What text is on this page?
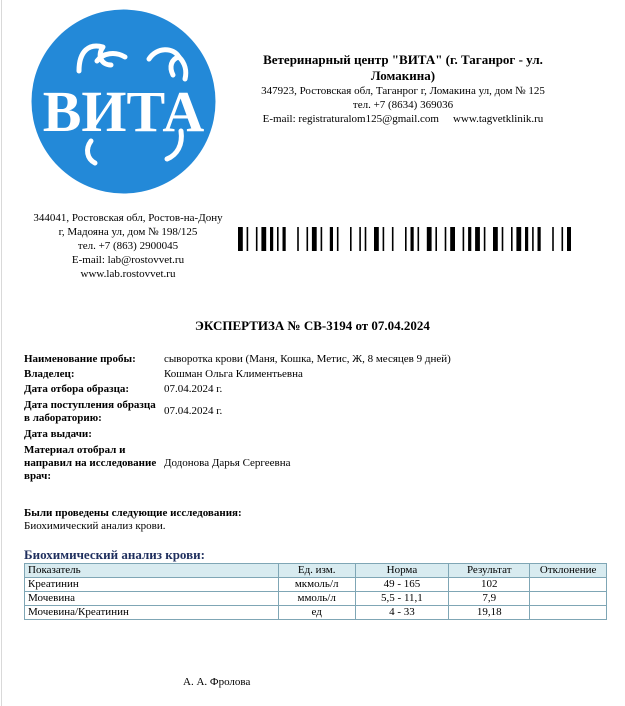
ВИТА
Ветеринарный центр "ВИТА" (г. Таганрог - ул. Ломакина)
347923, Ростовская обл, Таганрог г, Ломакина ул, дом № 125
тел. +7 (8634) 369036
E-mail: registraturalom125@gmail.com www.tagvetklinik.ru
344041, Ростовская обл, Ростов-на-Дону
г, Мадояна ул, дом № 198/125
тел. +7 (863) 2900045
E-mail: lab@rostovvet.ru
www.lab.rostovvet.ru
ЭКСПЕРТИЗА № СВ-3194 от 07.04.2024
Наименование пробы:	сыворотка крови (Маня, Кошка, Метис, Ж, 8 месяцев 9 дней)
Владелец:	Кошман Ольга Климентьевна
Дата отбора образца:	07.04.2024 г.
Дата поступления образца в лабораторию:
07.04.2024 г.
Дата выдачи:
Материал отобрал и направил на исследование врач:
Додонова Дарья Сергеевна
Были проведены следующие исследования:
Биохимический анализ крови.
Биохимический анализ крови:
Показатель	Ед. изм.	Норма	Результат	Отклонение
Креатинин	мкмоль/л	49 - 165	102	
Мочевина	ммоль/л	5,5 - 11,1	7,9	
Мочевина/Креатинин	ед	4 - 33	19,18	
А. А. Фролова
